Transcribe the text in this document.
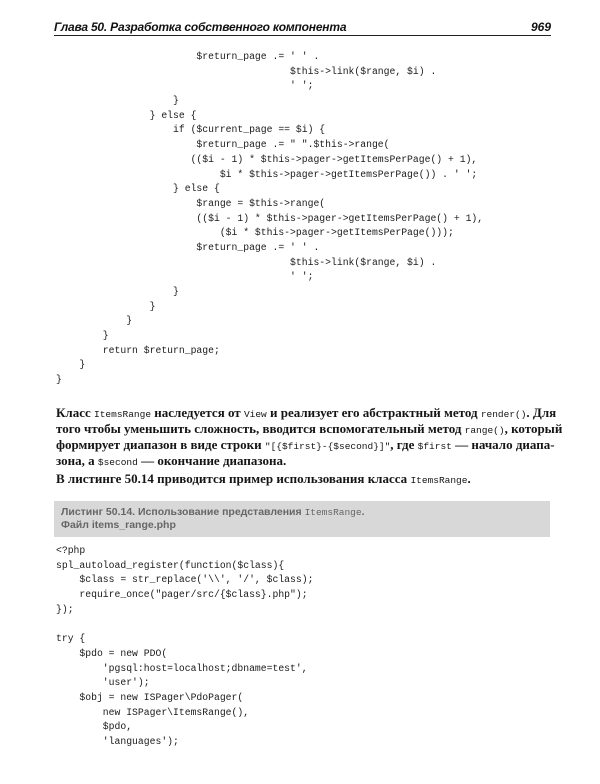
Глава 50. Разработка собственного компонента	969
$return_page .= ' ' .
$this->link($range, $i) .
' ';
}
} else {
if ($current_page == $i) {
$return_page .= " ".$this->range(
(($i - 1) * $this->pager->getItemsPerPage() + 1),
$i * $this->pager->getItemsPerPage()) . ' ';
} else {
$range = $this->range(
(($i - 1) * $this->pager->getItemsPerPage() + 1),
($i * $this->pager->getItemsPerPage()));
$return_page .= ' ' .
$this->link($range, $i) .
' ';
}
}
}
}
return $return_page;
}
}
Класс ItemsRange наследуется от View и реализует его абстрактный метод render(). Для
того чтобы уменьшить сложность, вводится вспомогательный метод range(), который
формирует диапазон в виде строки "[{$first}-{$second}]", где $first — начало диапа-
зона, а $second — окончание диапазона.
В листинге 50.14 приводится пример использования класса ItemsRange.
Листинг 50.14. Использование представления ItemsRange.
Файл items_range.php
<?php
spl_autoload_register(function($class){
$class = str_replace('\\', '/', $class);
require_once("pager/src/{$class}.php");
});
try {
$pdo = new PDO(
'pgsql:host=localhost;dbname=test',
'user');
$obj = new ISPager\PdoPager(
new ISPager\ItemsRange(),
$pdo,
'languages');
